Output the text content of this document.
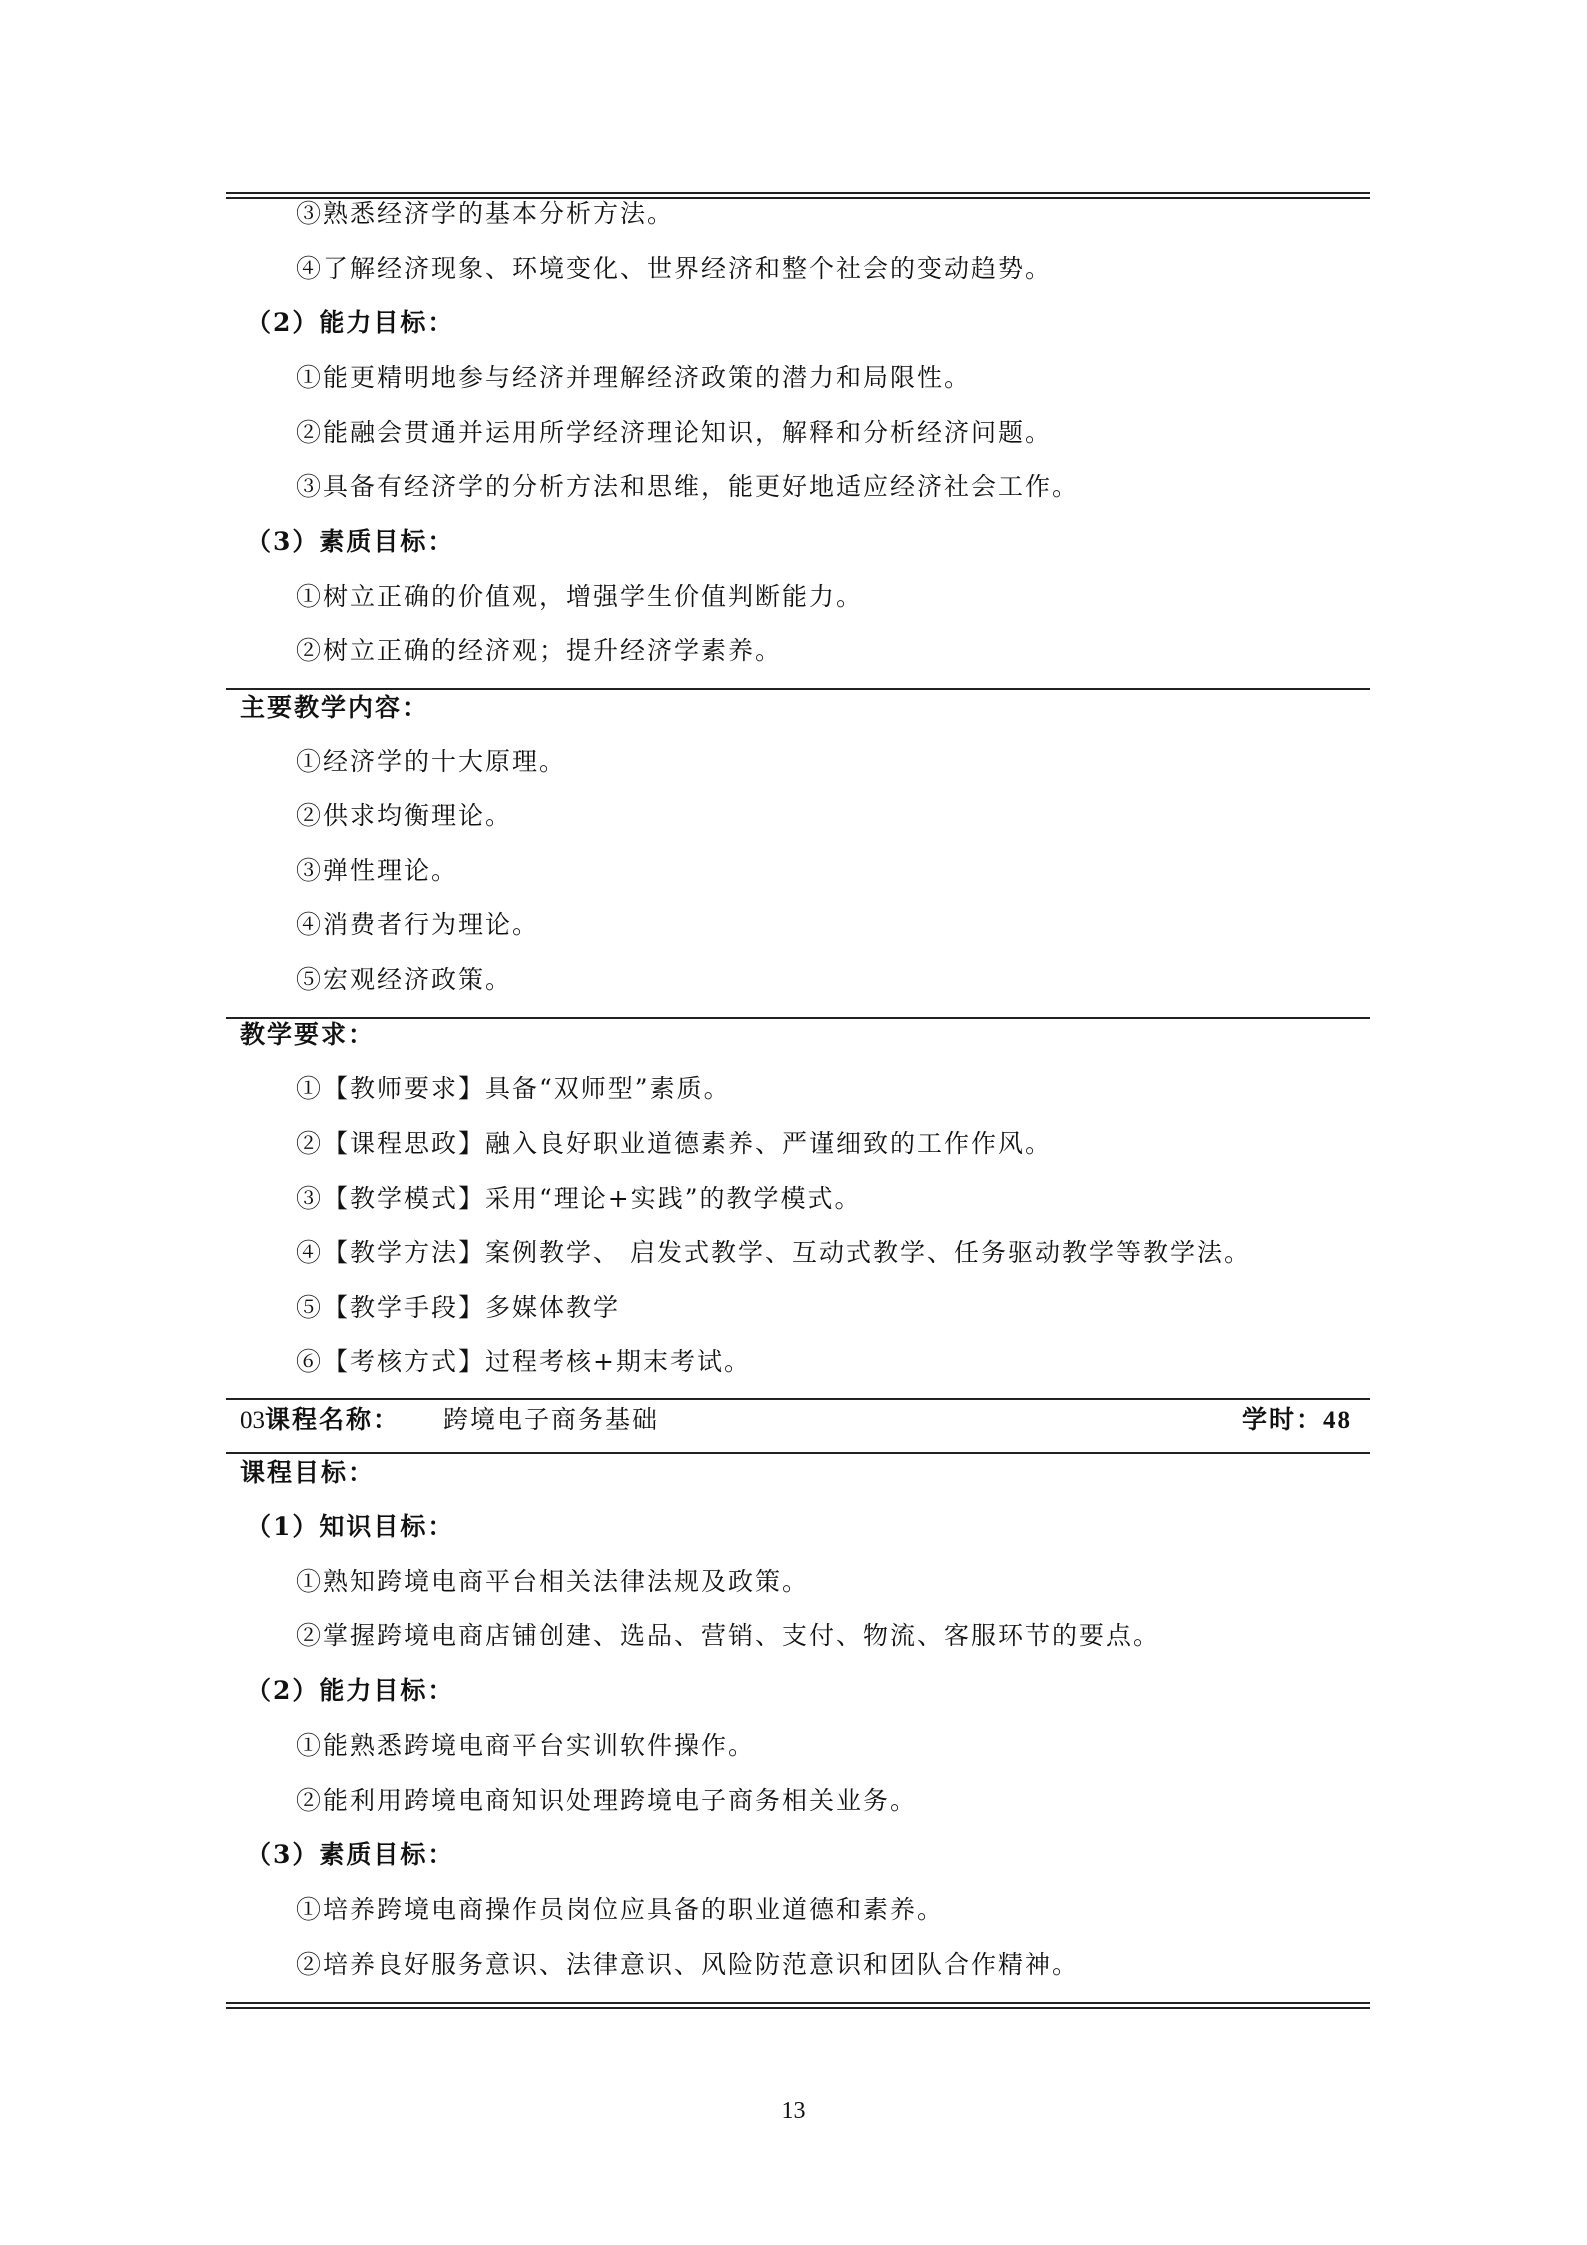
③熟悉经济学的基本分析方法。
④了解经济现象、环境变化、世界经济和整个社会的变动趋势。
（2）能力目标：
①能更精明地参与经济并理解经济政策的潜力和局限性。
②能融会贯通并运用所学经济理论知识，解释和分析经济问题。
③具备有经济学的分析方法和思维，能更好地适应经济社会工作。
（3）素质目标：
①树立正确的价值观，增强学生价值判断能力。
②树立正确的经济观；提升经济学素养。
主要教学内容：
①经济学的十大原理。
②供求均衡理论。
③弹性理论。
④消费者行为理论。
⑤宏观经济政策。
教学要求：
①【教师要求】具备“双师型”素质。
②【课程思政】融入良好职业道德素养、严谨细致的工作作风。
③【教学模式】采用“理论+实践”的教学模式。
④【教学方法】案例教学、 启发式教学、互动式教学、任务驱动教学等教学法。
⑤【教学手段】多媒体教学
⑥【考核方式】过程考核+期末考试。
03课程名称： 跨境电子商务基础	学时：48
课程目标：
（1）知识目标：
①熟知跨境电商平台相关法律法规及政策。
②掌握跨境电商店铺创建、选品、营销、支付、物流、客服环节的要点。
（2）能力目标：
①能熟悉跨境电商平台实训软件操作。
②能利用跨境电商知识处理跨境电子商务相关业务。
（3）素质目标：
①培养跨境电商操作员岗位应具备的职业道德和素养。
②培养良好服务意识、法律意识、风险防范意识和团队合作精神。
13
